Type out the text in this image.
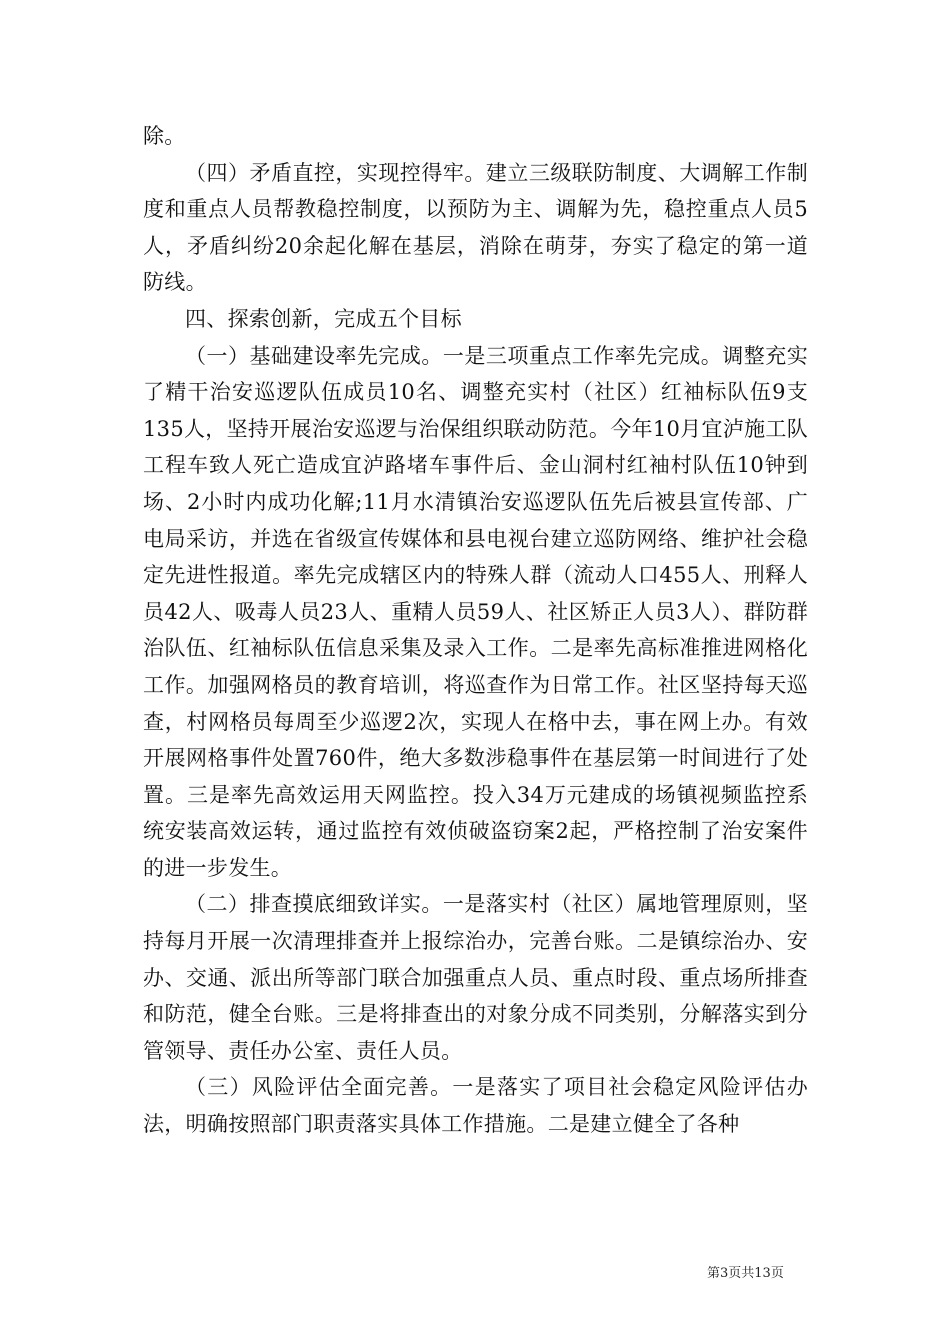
除。

（四）矛盾直控，实现控得牢。建立三级联防制度、大调解工作制度和重点人员帮教稳控制度，以预防为主、调解为先，稳控重点人员5人，矛盾纠纷20余起化解在基层，消除在萌芽，夯实了稳定的第一道防线。

四、探索创新，完成五个目标

（一）基础建设率先完成。一是三项重点工作率先完成。调整充实了精干治安巡逻队伍成员10名、调整充实村（社区）红袖标队伍9支135人，坚持开展治安巡逻与治保组织联动防范。今年10月宜泸施工队工程车致人死亡造成宜泸路堵车事件后、金山洞村红袖村队伍10钟到场、2小时内成功化解;11月水清镇治安巡逻队伍先后被县宣传部、广电局采访，并选在省级宣传媒体和县电视台建立巡防网络、维护社会稳定先进性报道。率先完成辖区内的特殊人群（流动人口455人、刑释人员42人、吸毒人员23人、重精人员59人、社区矫正人员3人）、群防群治队伍、红袖标队伍信息采集及录入工作。二是率先高标准推进网格化工作。加强网格员的教育培训，将巡查作为日常工作。社区坚持每天巡查，村网格员每周至少巡逻2次，实现人在格中去，事在网上办。有效开展网格事件处置760件，绝大多数涉稳事件在基层第一时间进行了处置。三是率先高效运用天网监控。投入34万元建成的场镇视频监控系统安装高效运转，通过监控有效侦破盗窃案2起，严格控制了治安案件的进一步发生。

（二）排查摸底细致详实。一是落实村（社区）属地管理原则，坚持每月开展一次清理排查并上报综治办，完善台账。二是镇综治办、安办、交通、派出所等部门联合加强重点人员、重点时段、重点场所排查和防范，健全台账。三是将排查出的对象分成不同类别，分解落实到分管领导、责任办公室、责任人员。

（三）风险评估全面完善。一是落实了项目社会稳定风险评估办法，明确按照部门职责落实具体工作措施。二是建立健全了各种

第3页共13页
